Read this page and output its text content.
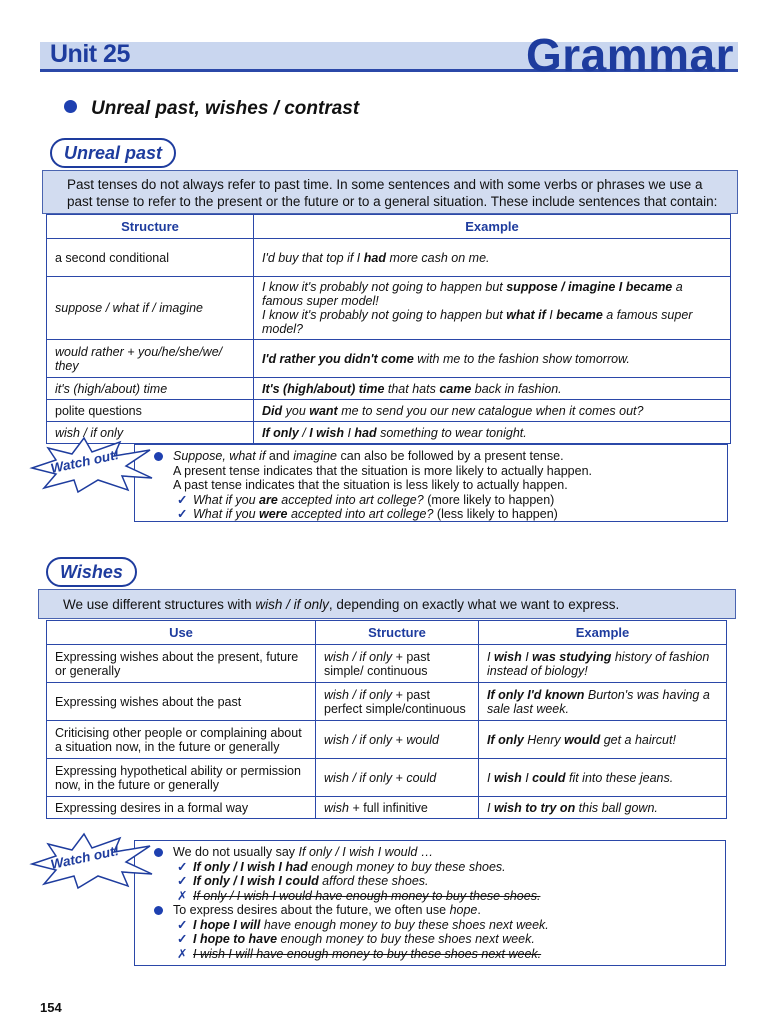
Unit 25	Grammar
Unreal past, wishes / contrast
Unreal past
Past tenses do not always refer to past time. In some sentences and with some verbs or phrases we use a past tense to refer to the present or the future or to a general situation. These include sentences that contain:
Structure	Example
a second conditional	I'd buy that top if I had more cash on me.
suppose / what if / imagine	I know it's probably not going to happen but suppose / imagine I became a famous super model!
I know it's probably not going to happen but what if I became a famous super model?
would rather + you/he/she/we/ they	I'd rather you didn't come with me to the fashion show tomorrow.
it's (high/about) time	It's (high/about) time that hats came back in fashion.
polite questions	Did you want me to send you our new catalogue when it comes out?
wish / if only	If only / I wish I had something to wear tonight.
Watch out!	Suppose, what if and imagine can also be followed by a present tense.
A present tense indicates that the situation is more likely to actually happen.
A past tense indicates that the situation is less likely to actually happen.
✓ What if you are accepted into art college? (more likely to happen)
✓ What if you were accepted into art college? (less likely to happen)
Wishes
We use different structures with wish / if only, depending on exactly what we want to express.
Use	Structure	Example
Expressing wishes about the present, future or generally	wish / if only + past simple/ continuous	I wish I was studying history of fashion instead of biology!
Expressing wishes about the past	wish / if only + past perfect simple/continuous	If only I'd known Burton's was having a sale last week.
Criticising other people or complaining about a situation now, in the future or generally	wish / if only + would	If only Henry would get a haircut!
Expressing hypothetical ability or permission now, in the future or generally	wish / if only + could	I wish I could fit into these jeans.
Expressing desires in a formal way	wish + full infinitive	I wish to try on this ball gown.
Watch out!	We do not usually say If only / I wish I would …
✓ If only / I wish I had enough money to buy these shoes.
✓ If only / I wish I could afford these shoes.
✗ If only / I wish I would have enough money to buy these shoes.
To express desires about the future, we often use hope.
✓ I hope I will have enough money to buy these shoes next week.
✓ I hope to have enough money to buy these shoes next week.
✗ I wish I will have enough money to buy these shoes next week.
154
